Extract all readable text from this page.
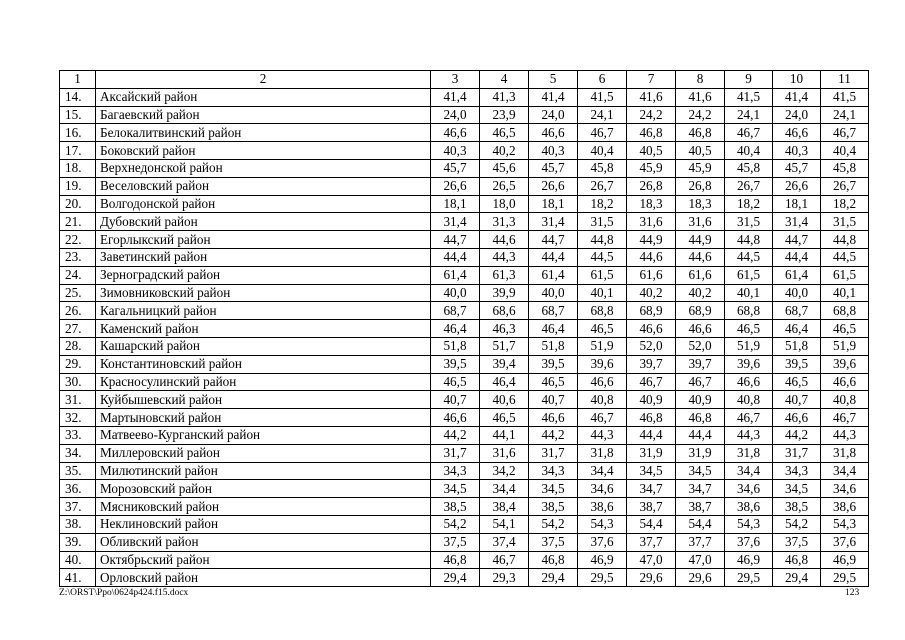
1	2	3	4	5	6	7	8	9	10	11
14.	Аксайский район	41,4	41,3	41,4	41,5	41,6	41,6	41,5	41,4	41,5
15.	Багаевский район	24,0	23,9	24,0	24,1	24,2	24,2	24,1	24,0	24,1
16.	Белокалитвинский район	46,6	46,5	46,6	46,7	46,8	46,8	46,7	46,6	46,7
17.	Боковский район	40,3	40,2	40,3	40,4	40,5	40,5	40,4	40,3	40,4
18.	Верхнедонской район	45,7	45,6	45,7	45,8	45,9	45,9	45,8	45,7	45,8
19.	Веселовский район	26,6	26,5	26,6	26,7	26,8	26,8	26,7	26,6	26,7
20.	Волгодонской район	18,1	18,0	18,1	18,2	18,3	18,3	18,2	18,1	18,2
21.	Дубовский район	31,4	31,3	31,4	31,5	31,6	31,6	31,5	31,4	31,5
22.	Егорлыкский район	44,7	44,6	44,7	44,8	44,9	44,9	44,8	44,7	44,8
23.	Заветинский район	44,4	44,3	44,4	44,5	44,6	44,6	44,5	44,4	44,5
24.	Зерноградский район	61,4	61,3	61,4	61,5	61,6	61,6	61,5	61,4	61,5
25.	Зимовниковский район	40,0	39,9	40,0	40,1	40,2	40,2	40,1	40,0	40,1
26.	Кагальницкий район	68,7	68,6	68,7	68,8	68,9	68,9	68,8	68,7	68,8
27.	Каменский район	46,4	46,3	46,4	46,5	46,6	46,6	46,5	46,4	46,5
28.	Кашарский район	51,8	51,7	51,8	51,9	52,0	52,0	51,9	51,8	51,9
29.	Константиновский район	39,5	39,4	39,5	39,6	39,7	39,7	39,6	39,5	39,6
30.	Красносулинский район	46,5	46,4	46,5	46,6	46,7	46,7	46,6	46,5	46,6
31.	Куйбышевский район	40,7	40,6	40,7	40,8	40,9	40,9	40,8	40,7	40,8
32.	Мартыновский район	46,6	46,5	46,6	46,7	46,8	46,8	46,7	46,6	46,7
33.	Матвеево-Курганский район	44,2	44,1	44,2	44,3	44,4	44,4	44,3	44,2	44,3
34.	Миллеровский район	31,7	31,6	31,7	31,8	31,9	31,9	31,8	31,7	31,8
35.	Милютинский район	34,3	34,2	34,3	34,4	34,5	34,5	34,4	34,3	34,4
36.	Морозовский район	34,5	34,4	34,5	34,6	34,7	34,7	34,6	34,5	34,6
37.	Мясниковский район	38,5	38,4	38,5	38,6	38,7	38,7	38,6	38,5	38,6
38.	Неклиновский район	54,2	54,1	54,2	54,3	54,4	54,4	54,3	54,2	54,3
39.	Обливский район	37,5	37,4	37,5	37,6	37,7	37,7	37,6	37,5	37,6
40.	Октябрьский район	46,8	46,7	46,8	46,9	47,0	47,0	46,9	46,8	46,9
41.	Орловский район	29,4	29,3	29,4	29,5	29,6	29,6	29,5	29,4	29,5
Z:\ORST\Ppo\0624p424.f15.docx	123
